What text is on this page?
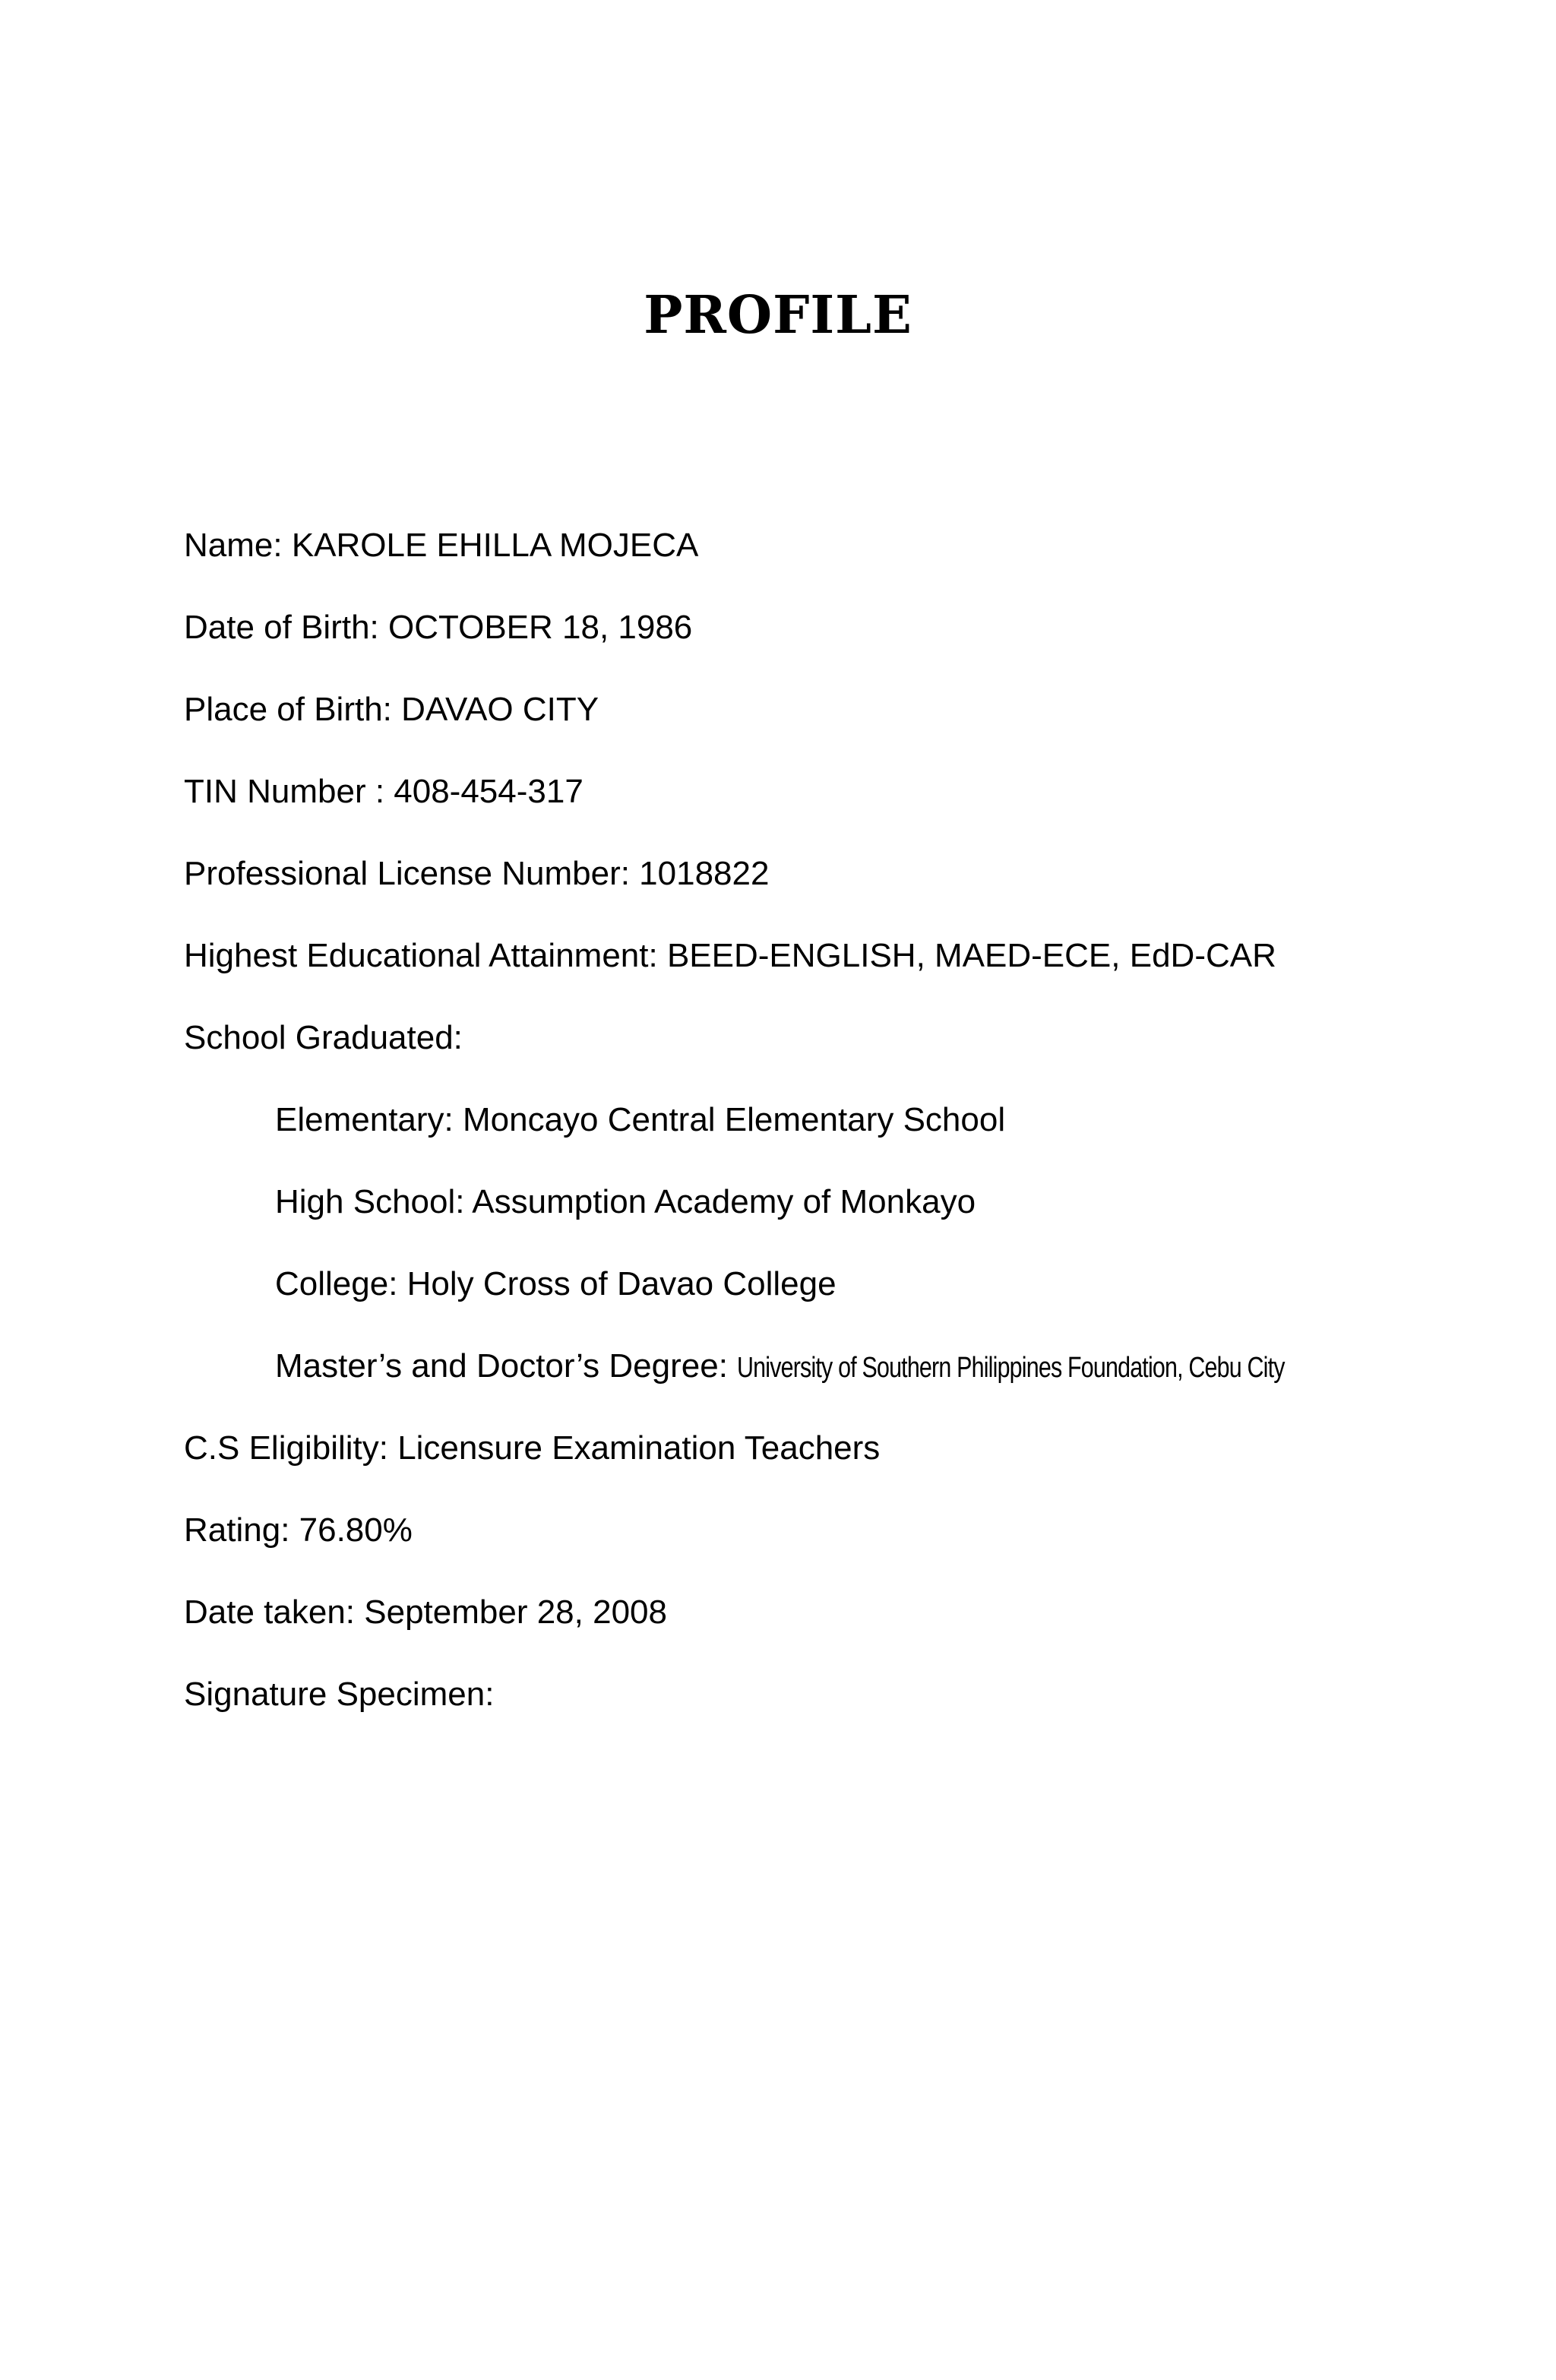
PROFILE
Name: KAROLE EHILLA MOJECA
Date of Birth: OCTOBER 18, 1986
Place of Birth: DAVAO CITY
TIN Number : 408-454-317
Professional License Number: 1018822
Highest Educational Attainment: BEED-ENGLISH, MAED-ECE, EdD-CAR
School Graduated:
Elementary: Moncayo Central Elementary School
High School: Assumption Academy of Monkayo
College: Holy Cross of Davao College
Master’s and Doctor’s Degree: University of Southern Philippines Foundation, Cebu City
C.S Eligibility: Licensure Examination Teachers
Rating: 76.80%
Date taken: September 28, 2008
Signature Specimen:
